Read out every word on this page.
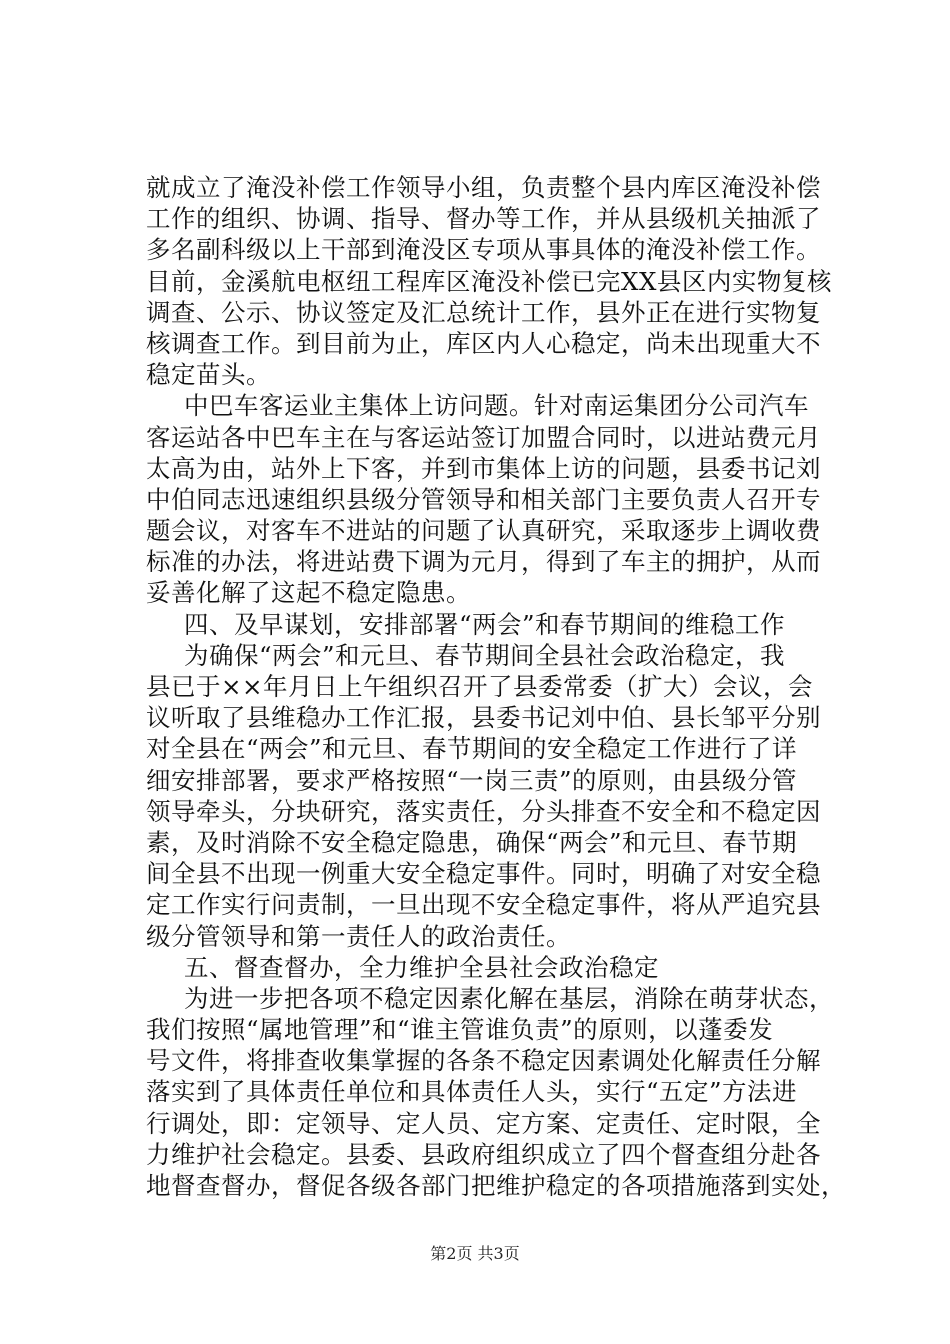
就成立了淹没补偿工作领导小组，负责整个县内库区淹没补偿
工作的组织、协调、指导、督办等工作，并从县级机关抽派了
多名副科级以上干部到淹没区专项从事具体的淹没补偿工作。
目前，金溪航电枢纽工程库区淹没补偿已完XX县区内实物复核
调查、公示、协议签定及汇总统计工作，县外正在进行实物复
核调查工作。到目前为止，库区内人心稳定，尚未出现重大不
稳定苗头。
中巴车客运业主集体上访问题。针对南运集团分公司汽车
客运站各中巴车主在与客运站签订加盟合同时，以进站费元月
太高为由，站外上下客，并到市集体上访的问题，县委书记刘
中伯同志迅速组织县级分管领导和相关部门主要负责人召开专
题会议，对客车不进站的问题了认真研究，采取逐步上调收费
标准的办法，将进站费下调为元月，得到了车主的拥护，从而
妥善化解了这起不稳定隐患。
四、及早谋划，安排部署“两会”和春节期间的维稳工作
为确保“两会”和元旦、春节期间全县社会政治稳定，我
县已于××年月日上午组织召开了县委常委（扩大）会议，会
议听取了县维稳办工作汇报，县委书记刘中伯、县长邹平分别
对全县在“两会”和元旦、春节期间的安全稳定工作进行了详
细安排部署，要求严格按照“一岗三责”的原则，由县级分管
领导牵头，分块研究，落实责任，分头排查不安全和不稳定因
素，及时消除不安全稳定隐患，确保“两会”和元旦、春节期
间全县不出现一例重大安全稳定事件。同时，明确了对安全稳
定工作实行问责制，一旦出现不安全稳定事件，将从严追究县
级分管领导和第一责任人的政治责任。
五、督查督办，全力维护全县社会政治稳定
为进一步把各项不稳定因素化解在基层，消除在萌芽状态，
我们按照“属地管理”和“谁主管谁负责”的原则，以蓬委发
号文件，将排查收集掌握的各条不稳定因素调处化解责任分解
落实到了具体责任单位和具体责任人头，实行“五定”方法进
行调处，即：定领导、定人员、定方案、定责任、定时限，全
力维护社会稳定。县委、县政府组织成立了四个督查组分赴各
地督查督办，督促各级各部门把维护稳定的各项措施落到实处，
第2页 共3页
